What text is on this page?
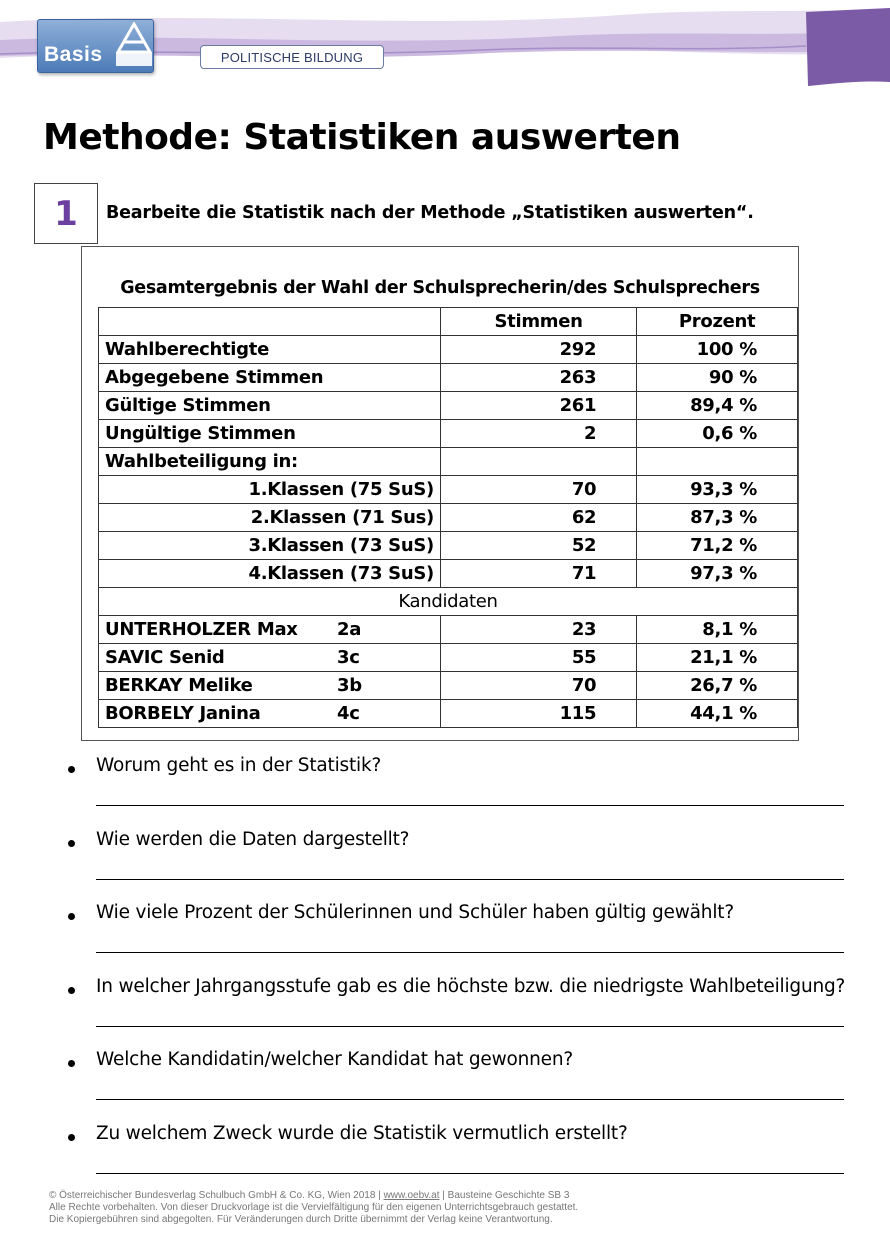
Basis	POLITISCHE BILDUNG
Methode: Statistiken auswerten
1	Bearbeite die Statistik nach der Methode „Statistiken auswerten“.
Gesamtergebnis der Wahl der Schulsprecherin/des Schulsprechers
	Stimmen	Prozent
Wahlberechtigte	292	100 %
Abgegebene Stimmen	263	90 %
Gültige Stimmen	261	89,4 %
Ungültige Stimmen	2	0,6 %
Wahlbeteiligung in:		
1.Klassen (75 SuS)	70	93,3 %
2.Klassen (71 Sus)	62	87,3 %
3.Klassen (73 SuS)	52	71,2 %
4.Klassen (73 SuS)	71	97,3 %
Kandidaten		
UNTERHOLZER Max 2a	23	8,1 %
SAVIC Senid 3c	55	21,1 %
BERKAY Melike 3b	70	26,7 %
BORBELY Janina 4c	115	44,1 %
Worum geht es in der Statistik?
Wie werden die Daten dargestellt?
Wie viele Prozent der Schülerinnen und Schüler haben gültig gewählt?
In welcher Jahrgangsstufe gab es die höchste bzw. die niedrigste Wahlbeteiligung?
Welche Kandidatin/welcher Kandidat hat gewonnen?
Zu welchem Zweck wurde die Statistik vermutlich erstellt?
© Österreichischer Bundesverlag Schulbuch GmbH & Co. KG, Wien 2018 | www.oebv.at | Bausteine Geschichte SB 3
Alle Rechte vorbehalten. Von dieser Druckvorlage ist die Vervielfältigung für den eigenen Unterrichtsgebrauch gestattet.
Die Kopiergebühren sind abgegolten. Für Veränderungen durch Dritte übernimmt der Verlag keine Verantwortung.
